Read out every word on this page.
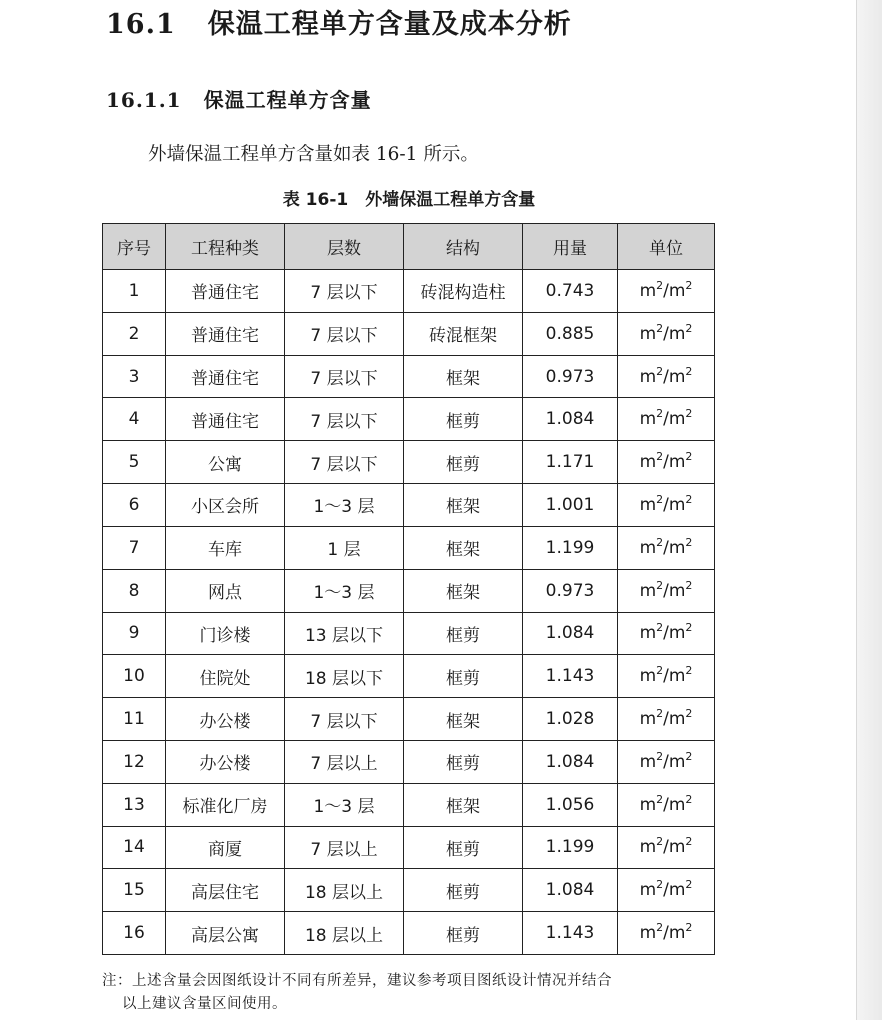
16.1 保温工程单方含量及成本分析
16.1.1 保温工程单方含量
外墙保温工程单方含量如表 16-1 所示。
表 16-1　外墙保温工程单方含量
序号	工程种类	层数	结构	用量	单位
1	普通住宅	7 层以下	砖混构造柱	0.743	$m^2/m^2$
2	普通住宅	7 层以下	砖混框架	0.885	$m^2/m^2$
3	普通住宅	7 层以下	框架	0.973	$m^2/m^2$
4	普通住宅	7 层以下	框剪	1.084	$m^2/m^2$
5	公寓	7 层以下	框剪	1.171	$m^2/m^2$
6	小区会所	1～3 层	框架	1.001	$m^2/m^2$
7	车库	1 层	框架	1.199	$m^2/m^2$
8	网点	1～3 层	框架	0.973	$m^2/m^2$
9	门诊楼	13 层以下	框剪	1.084	$m^2/m^2$
10	住院处	18 层以下	框剪	1.143	$m^2/m^2$
11	办公楼	7 层以下	框架	1.028	$m^2/m^2$
12	办公楼	7 层以上	框剪	1.084	$m^2/m^2$
13	标准化厂房	1～3 层	框架	1.056	$m^2/m^2$
14	商厦	7 层以上	框剪	1.199	$m^2/m^2$
15	高层住宅	18 层以上	框剪	1.084	$m^2/m^2$
16	高层公寓	18 层以上	框剪	1.143	$m^2/m^2$
注：上述含量会因图纸设计不同有所差异，建议参考项目图纸设计情况并结合
以上建议含量区间使用。
